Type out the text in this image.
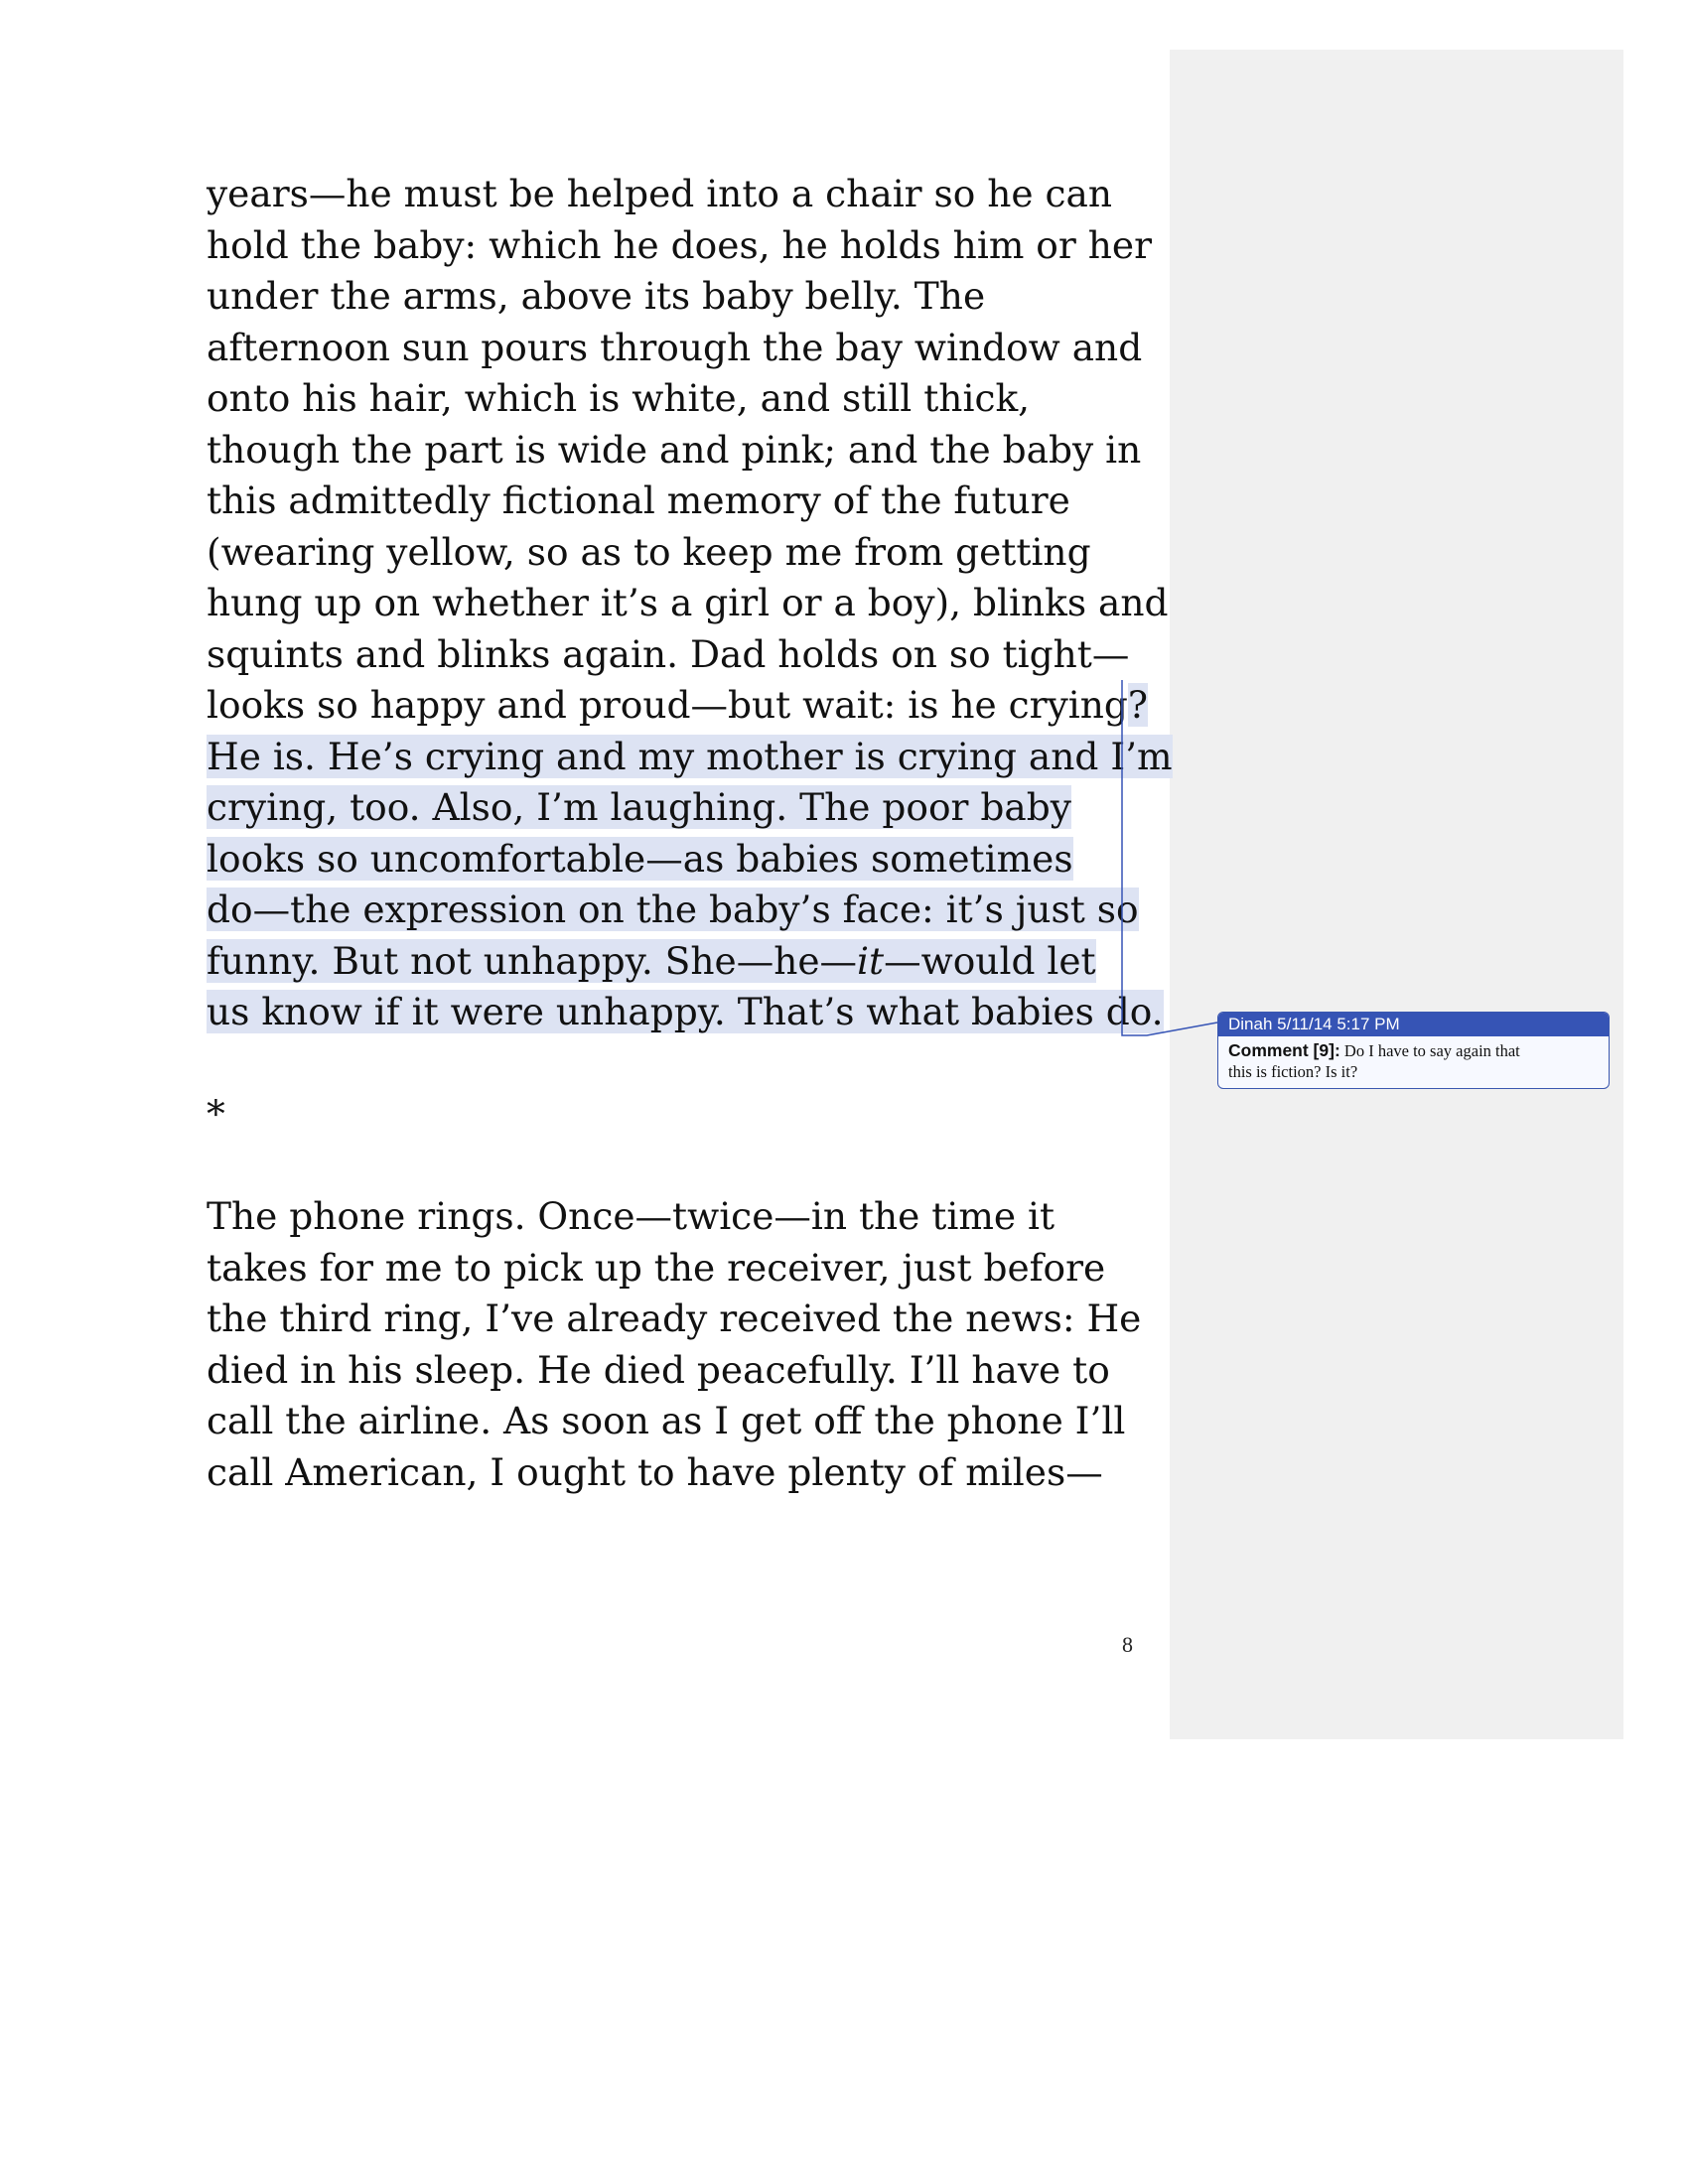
years—he must be helped into a chair so he can
hold the baby: which he does, he holds him or her
under the arms, above its baby belly. The
afternoon sun pours through the bay window and
onto his hair, which is white, and still thick,
though the part is wide and pink; and the baby in
this admittedly fictional memory of the future
(wearing yellow, so as to keep me from getting
hung up on whether it’s a girl or a boy), blinks and
squints and blinks again. Dad holds on so tight—
looks so happy and proud—but wait: is he crying?
He is. He’s crying and my mother is crying and I’m
crying, too. Also, I’m laughing. The poor baby
looks so uncomfortable—as babies sometimes
do—the expression on the baby’s face: it’s just so
funny. But not unhappy. She—he—it—would let
us know if it were unhappy. That’s what babies do.
*
The phone rings. Once—twice—in the time it
takes for me to pick up the receiver, just before
the third ring, I’ve already received the news: He
died in his sleep. He died peacefully. I’ll have to
call the airline. As soon as I get off the phone I’ll
call American, I ought to have plenty of miles—
Dinah 5/11/14 5:17 PM
Comment [9]: Do I have to say again that
this is fiction? Is it?
8
